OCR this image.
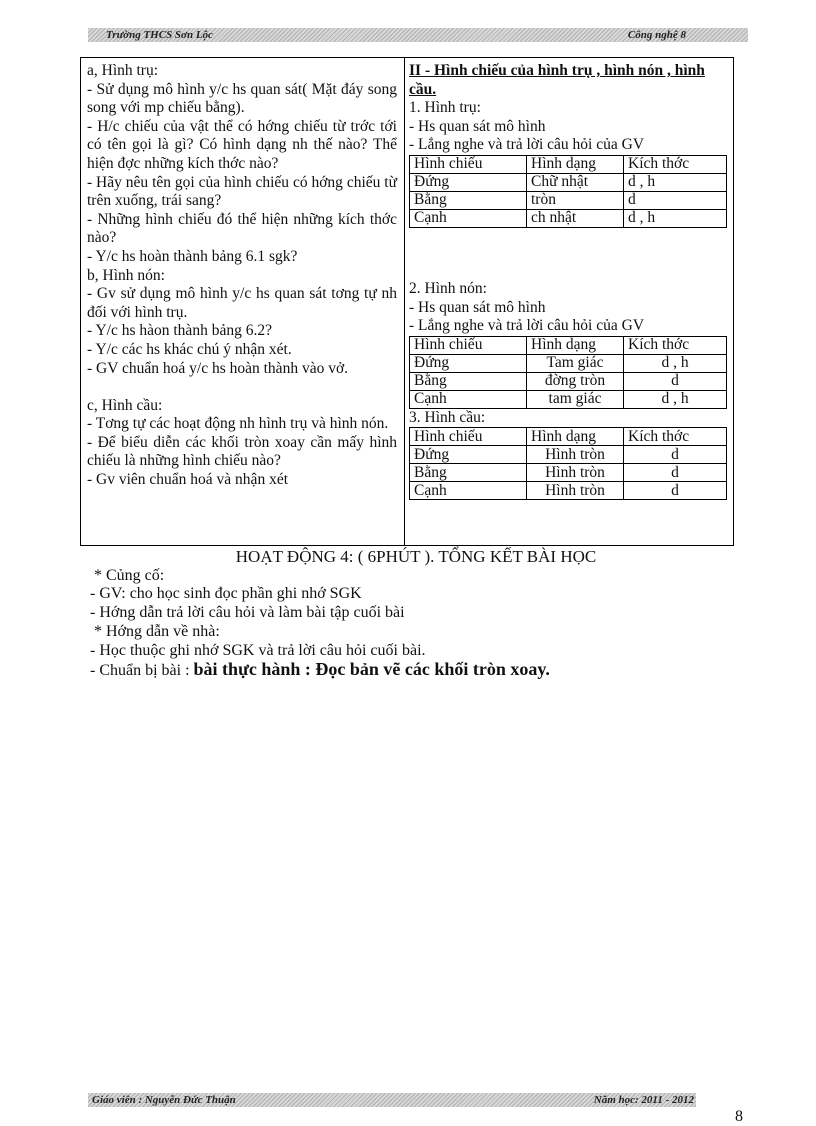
Trường THCS Sơn Lộc	Công nghệ 8

a, Hình trụ:

- Sử dụng mô hình y/c hs quan sát( Mặt đáy song song với mp chiếu bằng).

- H/c chiếu của vật thể có hớng chiếu từ trớc tới có tên gọi là gì? Có hình dạng nh thế nào? Thể hiện đợc những kích thớc nào?

- Hãy nêu tên gọi của hình chiếu có hớng chiếu từ trên xuống, trái sang?

- Những hình chiếu đó thể hiện những kích thớc nào?

- Y/c hs hoàn thành bảng 6.1 sgk?

b, Hình nón:

- Gv sử dụng mô hình y/c hs quan sát tơng tự nh đối với hình trụ.

- Y/c hs hàon thành bảng 6.2?

- Y/c các hs khác chú ý nhận xét.

- GV chuẩn hoá y/c hs hoàn thành vào vở.

c, Hình cầu:

- Tơng tự các hoạt động nh hình trụ và hình nón.

- Để biểu diễn các khối tròn xoay cần mấy hình chiếu là những hình chiếu nào?

- Gv viên chuẩn hoá và nhận xét

II - Hình chiếu của hình trụ , hình nón , hình cầu.

1. Hình trụ:

- Hs quan sát mô hình

- Lắng nghe và trả lời câu hỏi của GV

Hình chiếu	Hình dạng	Kích thớc
Đứng	Chữ nhật	d , h
Bằng	tròn	d
Cạnh	ch nhật	d , h

2. Hình nón:

- Hs quan sát mô hình

- Lắng nghe và trả lời câu hỏi của GV

Hình chiếu	Hình dạng	Kích thớc
Đứng	Tam giác	d , h
Bằng	đờng tròn	d
Cạnh	tam giác	d , h

3. Hình cầu:

Hình chiếu	Hình dạng	Kích thớc
Đứng	Hình tròn	d
Bằng	Hình tròn	d
Cạnh	Hình tròn	d

HOẠT ĐỘNG 4: ( 6PHÚT ). TỔNG KẾT BÀI HỌC

* Củng cố:

- GV: cho học sinh đọc phần ghi nhớ SGK

- Hớng dẫn trả lời câu hỏi và làm bài tập cuối bài

* Hớng dẫn về nhà:

- Học thuộc ghi nhớ SGK và trả lời câu hỏi cuối bài.

- Chuẩn bị bài : bài thực hành : Đọc bản vẽ các khối tròn xoay.

Giáo viên : Nguyễn Đức Thuận	Năm học: 2011 - 2012
8
